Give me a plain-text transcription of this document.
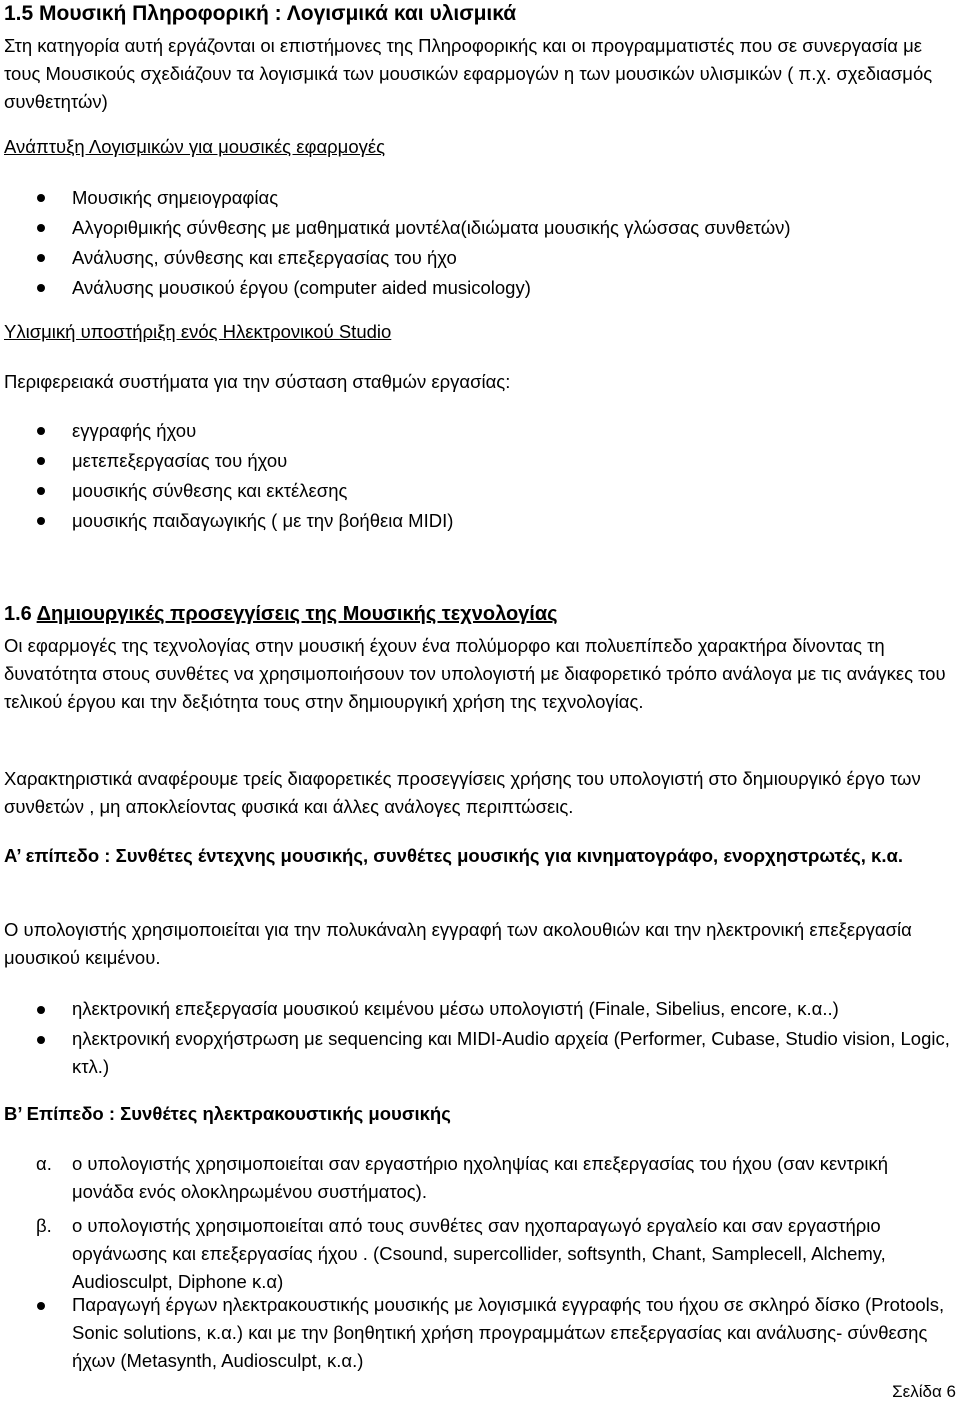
1.5 Μουσική Πληροφορική : Λογισμικά και υλισμικά
Στη κατηγορία αυτή εργάζονται οι επιστήμονες της Πληροφορικής και οι προγραμματιστές που σε συνεργασία με τους Μουσικούς σχεδιάζουν τα λογισμικά των μουσικών εφαρμογών η των μουσικών υλισμικών ( π.χ. σχεδιασμός συνθετητών)
Ανάπτυξη Λογισμικών για μουσικές εφαρμογές
Μουσικής σημειογραφίας
Αλγοριθμικής σύνθεσης με μαθηματικά μοντέλα(ιδιώματα μουσικής γλώσσας συνθετών)
Ανάλυσης, σύνθεσης και επεξεργασίας του ήχο
Ανάλυσης μουσικού έργου (computer aided musicology)
Υλισμική υποστήριξη ενός Ηλεκτρονικού Studio
Περιφερειακά συστήματα για την σύσταση σταθμών εργασίας:
εγγραφής ήχου
μετεπεξεργασίας του ήχου
μουσικής σύνθεσης και εκτέλεσης
μουσικής παιδαγωγικής ( με την βοήθεια MIDI)
1.6 Δημιουργικές προσεγγίσεις της Μουσικής τεχνολογίας
Οι εφαρμογές της τεχνολογίας στην μουσική έχουν ένα πολύμορφο και πολυεπίπεδο χαρακτήρα δίνοντας τη δυνατότητα στους συνθέτες να χρησιμοποιήσουν τον υπολογιστή με διαφορετικό τρόπο ανάλογα με τις ανάγκες του τελικού έργου και την δεξιότητα τους στην δημιουργική χρήση της τεχνολογίας.
Χαρακτηριστικά αναφέρουμε τρείς διαφορετικές προσεγγίσεις χρήσης του υπολογιστή στο δημιουργικό έργο των συνθετών , μη αποκλείοντας φυσικά και άλλες ανάλογες περιπτώσεις.
Α’ επίπεδο : Συνθέτες έντεχνης μουσικής, συνθέτες μουσικής για κινηματογράφο, ενορχηστρωτές, κ.α.
Ο υπολογιστής χρησιμοποιείται για την πολυκάναλη εγγραφή των ακολουθιών και την ηλεκτρονική επεξεργασία μουσικού κειμένου.
ηλεκτρονική επεξεργασία μουσικού κειμένου μέσω υπολογιστή (Finale, Sibelius, encore, κ.α..)
ηλεκτρονική ενορχήστρωση με sequencing και MIDI-Audio αρχεία (Performer, Cubase, Studio vision, Logic, κτλ.)
Β’ Επίπεδο : Συνθέτες ηλεκτρακουστικής μουσικής
α. ο υπολογιστής χρησιμοποιείται σαν εργαστήριο ηχοληψίας και επεξεργασίας του ήχου (σαν κεντρική μονάδα ενός ολοκληρωμένου συστήματος).
β. ο υπολογιστής χρησιμοποιείται από τους συνθέτες σαν ηχοπαραγωγό εργαλείο και σαν εργαστήριο οργάνωσης και επεξεργασίας ήχου . (Csound, supercollider, softsynth, Chant, Samplecell, Alchemy, Audiosculpt, Diphone κ.α)
Παραγωγή έργων ηλεκτρακουστικής μουσικής με λογισμικά εγγραφής του ήχου σε σκληρό δίσκο (Protools, Sonic solutions, κ.α.) και με την βοηθητική χρήση προγραμμάτων επεξεργασίας και ανάλυσης- σύνθεσης ήχων (Metasynth, Audiosculpt, κ.α.)
Σελίδα 6
